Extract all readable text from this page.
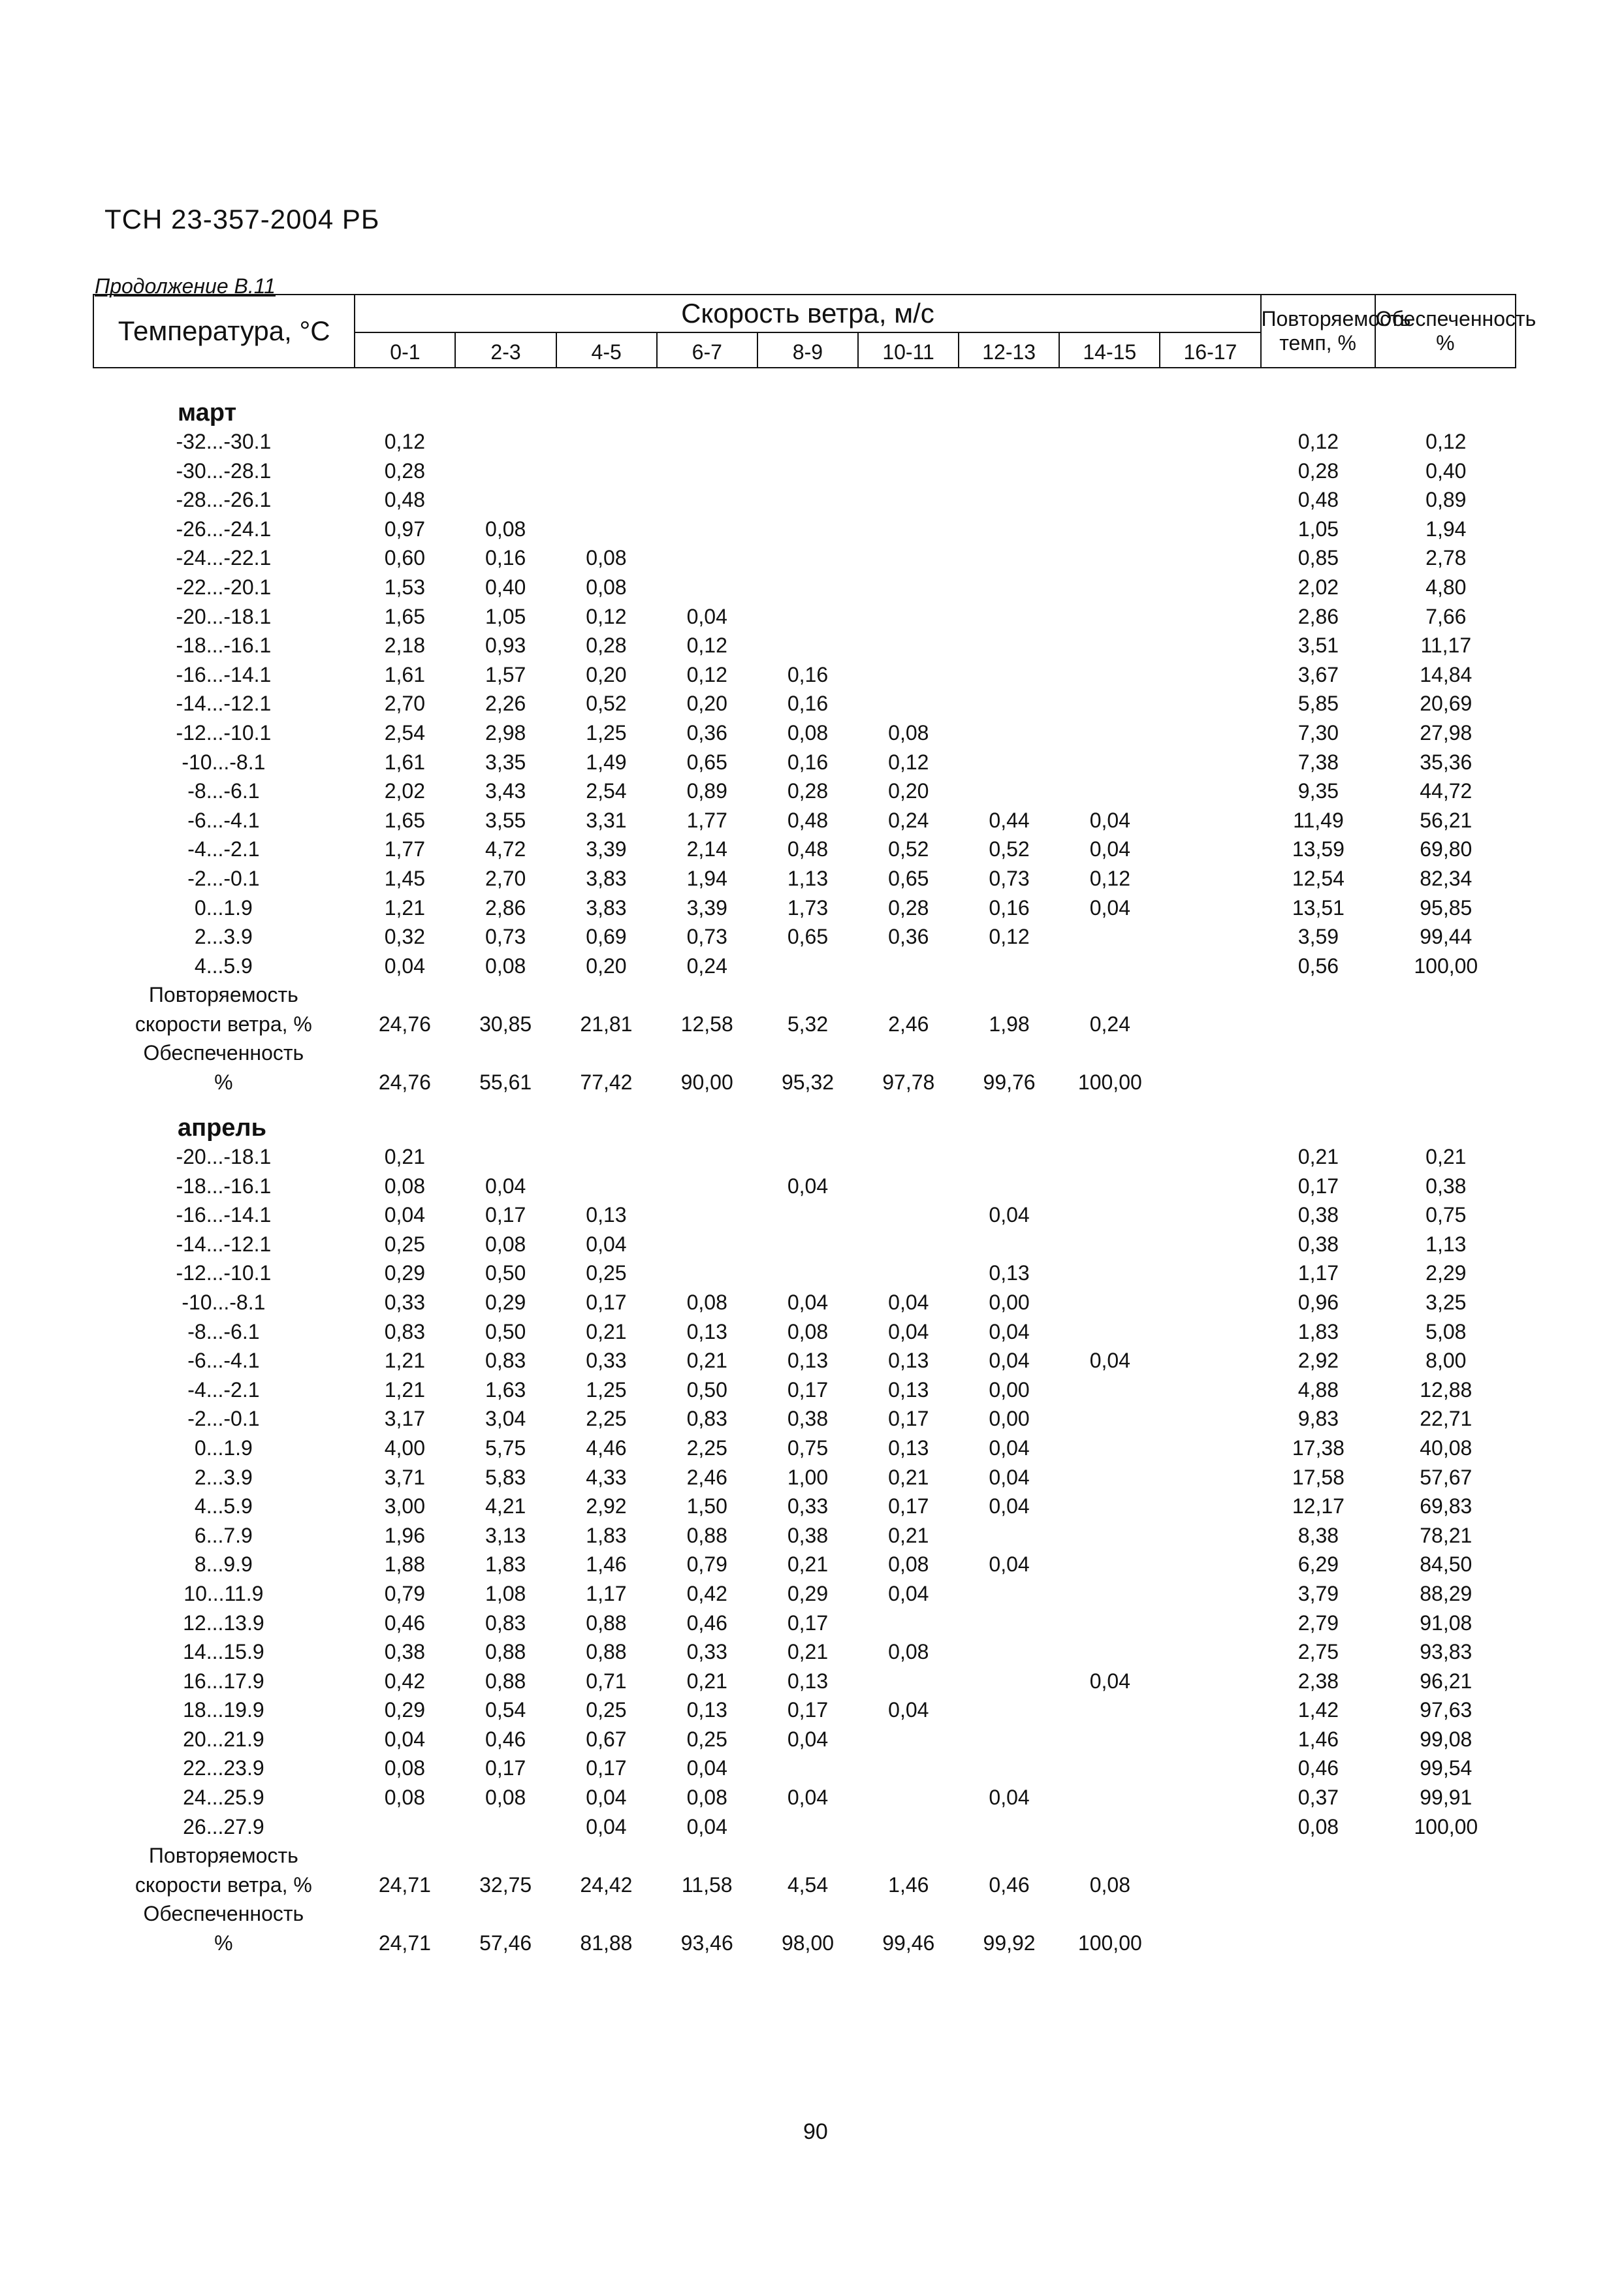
ТСН 23-357-2004 РБ
Продолжение В.11
Температура, °С	Скорость ветра, м/с									Повторяемость темп, %	Обеспеченность %
	0-1	2-3	4-5	6-7	8-9	10-11	12-13	14-15	16-17		
март
-32...-30.1	0,12									0,12	0,12
-30...-28.1	0,28									0,28	0,40
-28...-26.1	0,48									0,48	0,89
-26...-24.1	0,97	0,08								1,05	1,94
-24...-22.1	0,60	0,16	0,08							0,85	2,78
-22...-20.1	1,53	0,40	0,08							2,02	4,80
-20...-18.1	1,65	1,05	0,12	0,04						2,86	7,66
-18...-16.1	2,18	0,93	0,28	0,12						3,51	11,17
-16...-14.1	1,61	1,57	0,20	0,12	0,16					3,67	14,84
-14...-12.1	2,70	2,26	0,52	0,20	0,16					5,85	20,69
-12...-10.1	2,54	2,98	1,25	0,36	0,08	0,08				7,30	27,98
-10...-8.1	1,61	3,35	1,49	0,65	0,16	0,12				7,38	35,36
-8...-6.1	2,02	3,43	2,54	0,89	0,28	0,20				9,35	44,72
-6...-4.1	1,65	3,55	3,31	1,77	0,48	0,24	0,44	0,04		11,49	56,21
-4...-2.1	1,77	4,72	3,39	2,14	0,48	0,52	0,52	0,04		13,59	69,80
-2...-0.1	1,45	2,70	3,83	1,94	1,13	0,65	0,73	0,12		12,54	82,34
0...1.9	1,21	2,86	3,83	3,39	1,73	0,28	0,16	0,04		13,51	95,85
2...3.9	0,32	0,73	0,69	0,73	0,65	0,36	0,12			3,59	99,44
4...5.9	0,04	0,08	0,20	0,24						0,56	100,00
Повторяемость											
скорости ветра, %	24,76	30,85	21,81	12,58	5,32	2,46	1,98	0,24			
Обеспеченность											
%	24,76	55,61	77,42	90,00	95,32	97,78	99,76	100,00			
апрель
-20...-18.1	0,21									0,21	0,21
-18...-16.1	0,08	0,04			0,04					0,17	0,38
-16...-14.1	0,04	0,17	0,13				0,04			0,38	0,75
-14...-12.1	0,25	0,08	0,04							0,38	1,13
-12...-10.1	0,29	0,50	0,25				0,13			1,17	2,29
-10...-8.1	0,33	0,29	0,17	0,08	0,04	0,04	0,00			0,96	3,25
-8...-6.1	0,83	0,50	0,21	0,13	0,08	0,04	0,04			1,83	5,08
-6...-4.1	1,21	0,83	0,33	0,21	0,13	0,13	0,04	0,04		2,92	8,00
-4...-2.1	1,21	1,63	1,25	0,50	0,17	0,13	0,00			4,88	12,88
-2...-0.1	3,17	3,04	2,25	0,83	0,38	0,17	0,00			9,83	22,71
0...1.9	4,00	5,75	4,46	2,25	0,75	0,13	0,04			17,38	40,08
2...3.9	3,71	5,83	4,33	2,46	1,00	0,21	0,04			17,58	57,67
4...5.9	3,00	4,21	2,92	1,50	0,33	0,17	0,04			12,17	69,83
6...7.9	1,96	3,13	1,83	0,88	0,38	0,21				8,38	78,21
8...9.9	1,88	1,83	1,46	0,79	0,21	0,08	0,04			6,29	84,50
10...11.9	0,79	1,08	1,17	0,42	0,29	0,04				3,79	88,29
12...13.9	0,46	0,83	0,88	0,46	0,17					2,79	91,08
14...15.9	0,38	0,88	0,88	0,33	0,21	0,08				2,75	93,83
16...17.9	0,42	0,88	0,71	0,21	0,13			0,04		2,38	96,21
18...19.9	0,29	0,54	0,25	0,13	0,17	0,04				1,42	97,63
20...21.9	0,04	0,46	0,67	0,25	0,04					1,46	99,08
22...23.9	0,08	0,17	0,17	0,04						0,46	99,54
24...25.9	0,08	0,08	0,04	0,08	0,04		0,04			0,37	99,91
26...27.9			0,04	0,04						0,08	100,00
Повторяемость											
скорости ветра, %	24,71	32,75	24,42	11,58	4,54	1,46	0,46	0,08			
Обеспеченность											
%	24,71	57,46	81,88	93,46	98,00	99,46	99,92	100,00			
90
